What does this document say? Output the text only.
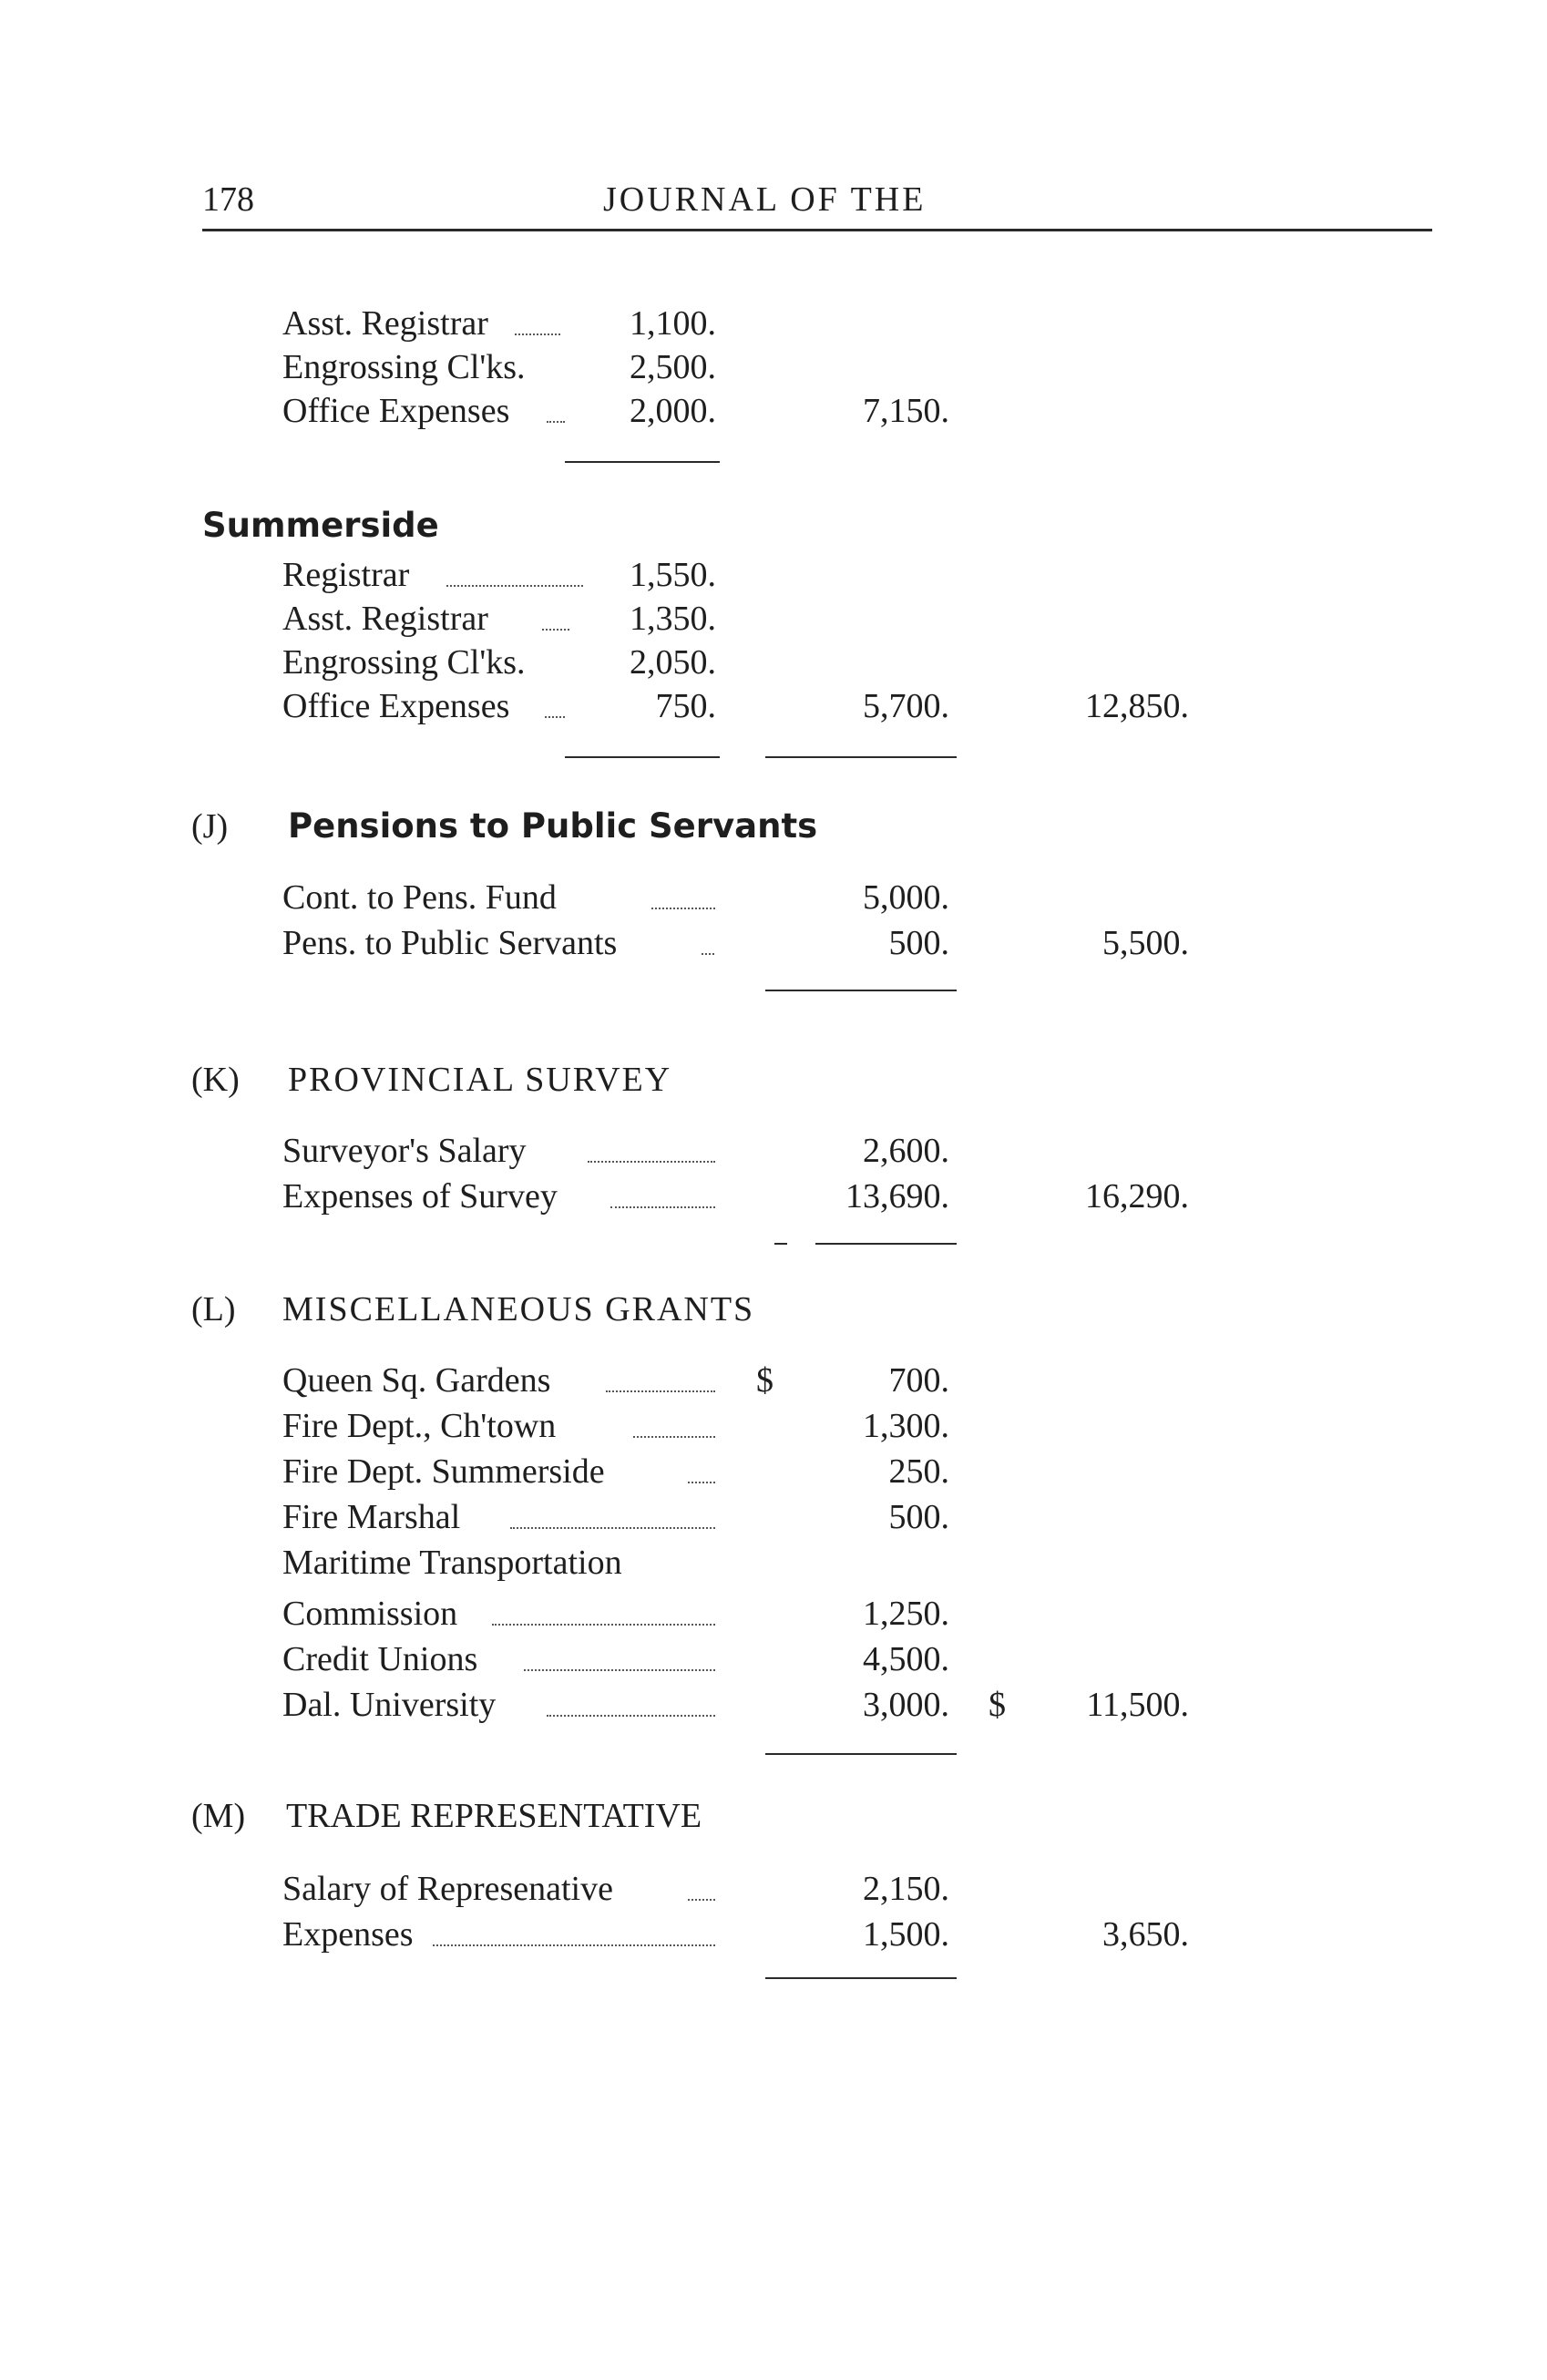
178	JOURNAL OF THE
Asst. Registrar	1,100.
Engrossing Cl'ks.	2,500.
Office Expenses	2,000.	7,150.
Summerside
Registrar	1,550.
Asst. Registrar	1,350.
Engrossing Cl'ks.	2,050.
Office Expenses	750.	5,700.	12,850.
(J) Pensions to Public Servants
Cont. to Pens. Fund	5,000.
Pens. to Public Servants	500.	5,500.
(K) PROVINCIAL SURVEY
Surveyor's Salary	2,600.
Expenses of Survey	13,690.	16,290.
(L) MISCELLANEOUS GRANTS
Queen Sq. Gardens	$	700.
Fire Dept., Ch'town	1,300.
Fire Dept. Summerside	250.
Fire Marshal	500.
Maritime Transportation
Commission	1,250.
Credit Unions	4,500.
Dal. University	3,000. $	11,500.
(M) TRADE REPRESENTATIVE
Salary of Represenative	2,150.
Expenses	1,500.	3,650.
